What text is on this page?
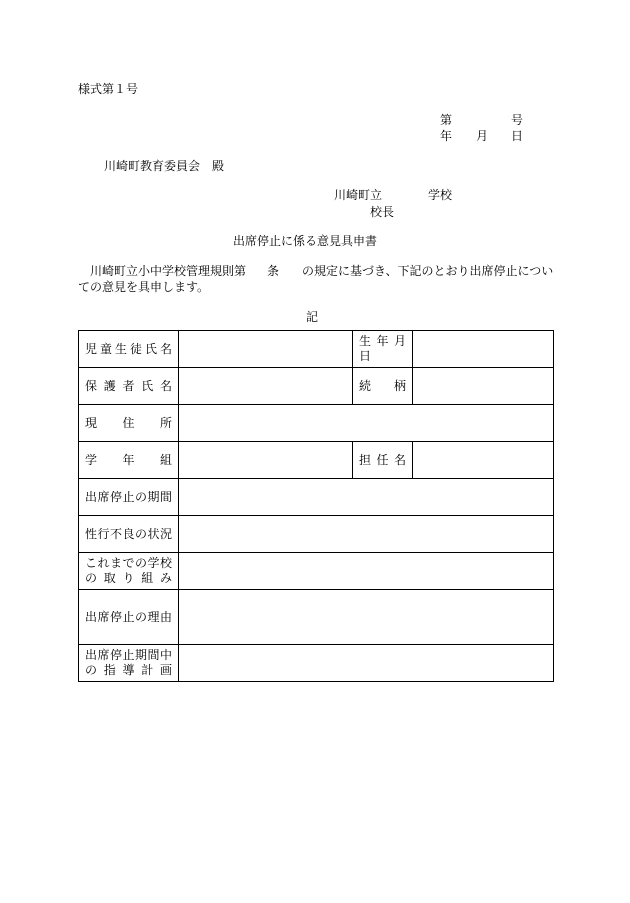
様式第１号
第	号
年 月 日
川崎町教育委員会　殿
川崎町立	学校
校長
出席停止に係る意見具申書
川崎町立小中学校管理規則第 条 の規定に基づき、下記のとおり出席停止につい
ての意見を具申します。
記
児童生徒氏名		生年月日	
保護者氏名		続　柄	
現住所			
学年組		担任名	
出席停止の期間			
性行不良の状況			

これまでの学校
の取り組み			

出席停止の理由			

出席停止期間中
の指導計画			
